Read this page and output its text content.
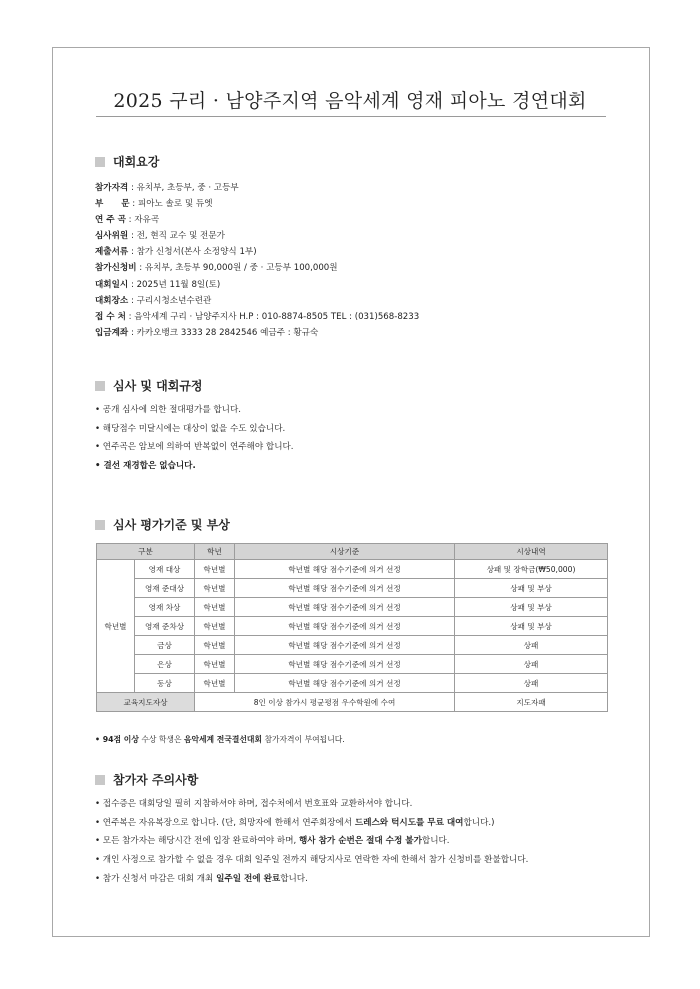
2025 구리 · 남양주지역 음악세계 영재 피아노 경연대회
대회요강
참가자격 : 유치부, 초등부, 중 · 고등부
부      문 : 피아노 솔로 및 듀엣
연 주 곡 : 자유곡
심사위원 : 전, 현직 교수 및 전문가
제출서류 : 참가 신청서(본사 소정양식 1부)
참가신청비 : 유치부, 초등부 90,000원 / 중 · 고등부 100,000원
대회일시 : 2025년 11월 8일(토)
대회장소 : 구리시청소년수련관
접 수 처 : 음악세계 구리 · 남양주지사 H.P : 010-8874-8505 TEL : (031)568-8233
입금계좌 : 카카오뱅크 3333 28 2842546 예금주 : 황규숙
심사 및 대회규정
• 공개 심사에 의한 절대평가를 합니다.
• 해당점수 미달시에는 대상이 없을 수도 있습니다.
• 연주곡은 암보에 의하여 반복없이 연주해야 합니다.
• 결선 재경합은 없습니다.
심사 평가기준 및 부상
구분		학년	시상기준	시상내역
학년별	영재 대상	학년별	학년별 해당 점수기준에 의거 선정	상패 및 장학금(₩50,000)
	영재 준대상	학년별	학년별 해당 점수기준에 의거 선정	상패 및 부상
	영재 차상	학년별	학년별 해당 점수기준에 의거 선정	상패 및 부상
	영재 준차상	학년별	학년별 해당 점수기준에 의거 선정	상패 및 부상
	금상	학년별	학년별 해당 점수기준에 의거 선정	상패
	은상	학년별	학년별 해당 점수기준에 의거 선정	상패
	동상	학년별	학년별 해당 점수기준에 의거 선정	상패
교육지도자상		8인 이상 참가시 평균평점 우수학원에 수여		지도자패
• 94점 이상 수상 학생은 음악세계 전국결선대회 참가자격이 부여됩니다.
참가자 주의사항
• 접수증은 대회당일 필히 지참하셔야 하며, 접수처에서 번호표와 교환하셔야 합니다.
• 연주복은 자유복장으로 합니다. (단, 희망자에 한해서 연주회장에서 드레스와 턱시도를 무료 대여합니다.)
• 모든 참가자는 해당시간 전에 입장 완료하여야 하며, 행사 참가 순번은 절대 수정 불가합니다.
• 개인 사정으로 참가할 수 없을 경우 대회 일주일 전까지 해당지사로 연락한 자에 한해서 참가 신청비를 환불합니다.
• 참가 신청서 마감은 대회 개최 일주일 전에 완료합니다.
